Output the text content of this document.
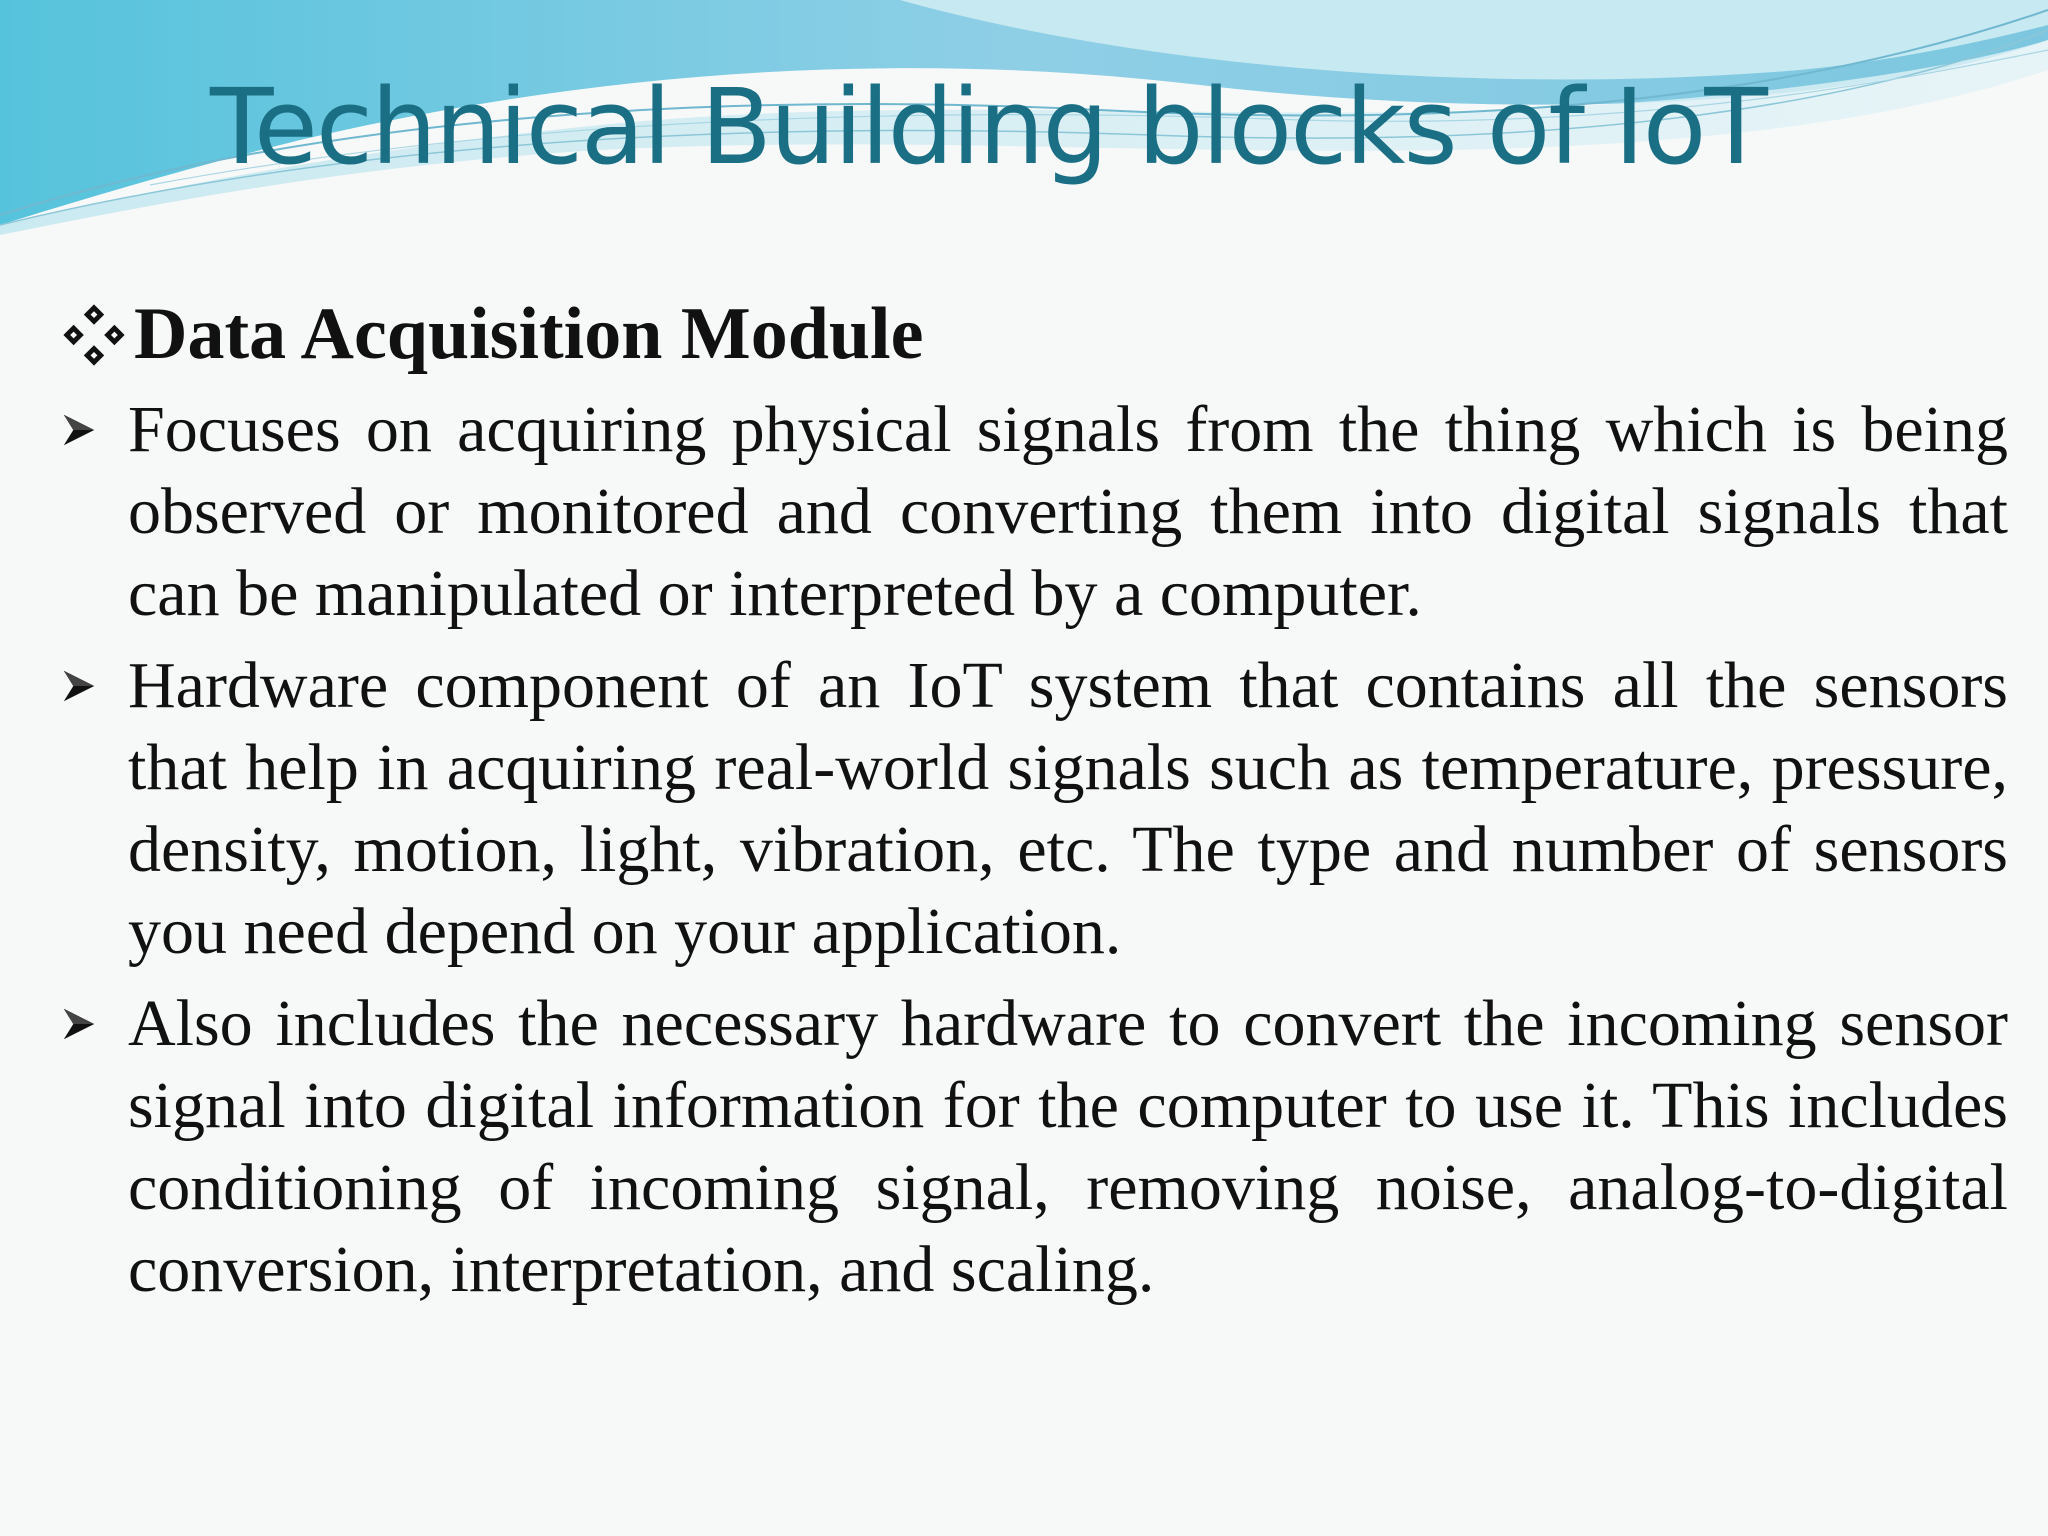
Technical Building blocks of IoT
Data Acquisition Module
Focuses on acquiring physical signals from the thing which is being observed or monitored and converting them into digital signals that can be manipulated or interpreted by a computer.
Hardware component of an IoT system that contains all the sensors that help in acquiring real-world signals such as temperature, pressure, density, motion, light, vibration, etc. The type and number of sensors you need depend on your application.
Also includes the necessary hardware to convert the incoming sensor signal into digital information for the computer to use it. This includes conditioning of incoming signal, removing noise, analog-to-digital conversion, interpretation, and scaling.
